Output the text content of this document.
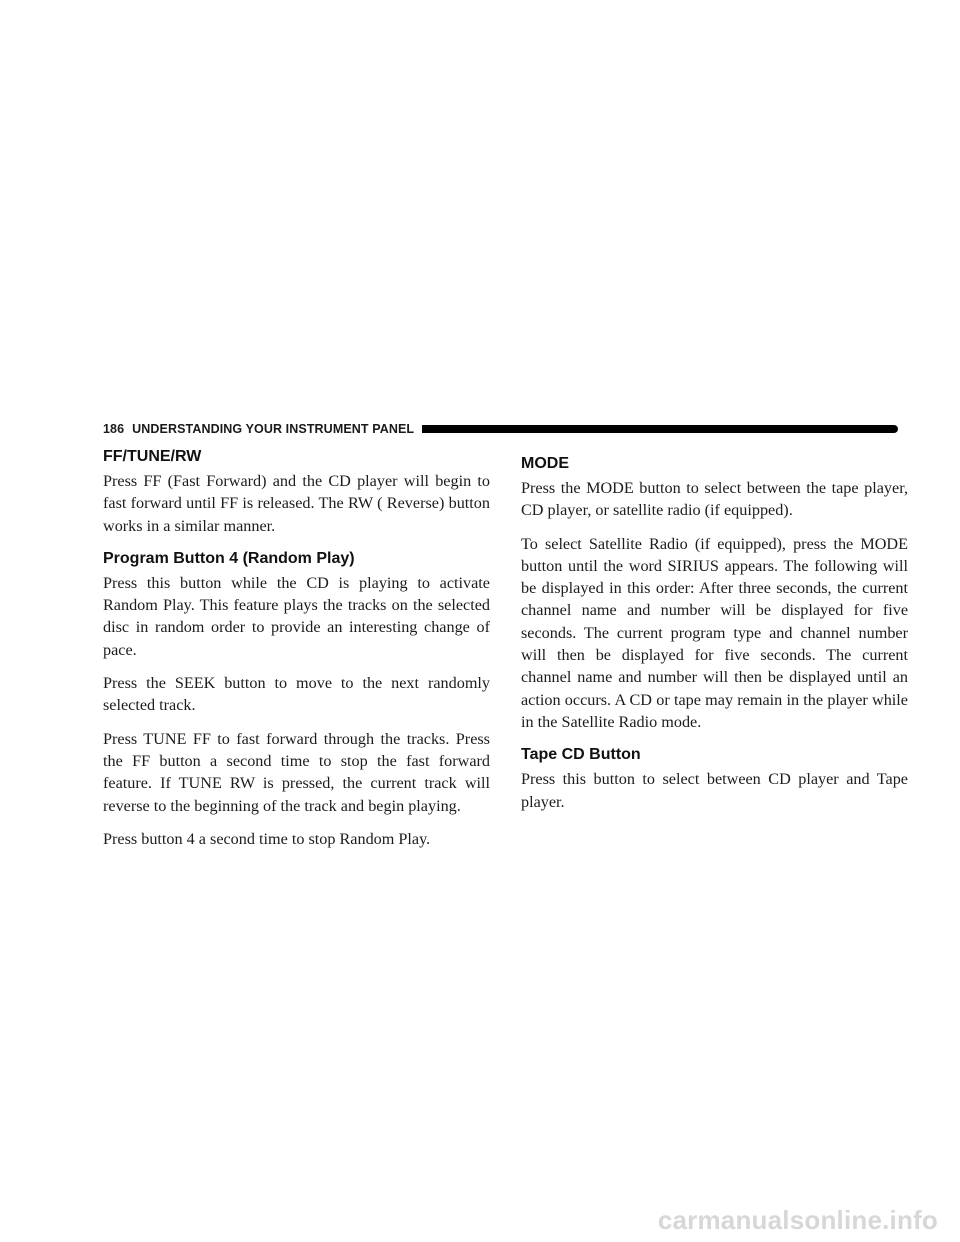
186 UNDERSTANDING YOUR INSTRUMENT PANEL
FF/TUNE/RW

Press FF (Fast Forward) and the CD player will begin to fast forward until FF is released. The RW ( Reverse) button works in a similar manner.

Program Button 4 (Random Play)

Press this button while the CD is playing to activate Random Play. This feature plays the tracks on the selected disc in random order to provide an interesting change of pace.

Press the SEEK button to move to the next randomly selected track.

Press TUNE FF to fast forward through the tracks. Press the FF button a second time to stop the fast forward feature. If TUNE RW is pressed, the current track will reverse to the beginning of the track and begin playing.

Press button 4 a second time to stop Random Play.

MODE

Press the MODE button to select between the tape player, CD player, or satellite radio (if equipped).

To select Satellite Radio (if equipped), press the MODE button until the word SIRIUS appears. The following will be displayed in this order: After three seconds, the current channel name and number will be displayed for five seconds. The current program type and channel number will then be displayed for five seconds. The current channel name and number will then be displayed until an action occurs. A CD or tape may remain in the player while in the Satellite Radio mode.

Tape CD Button

Press this button to select between CD player and Tape player.

carmanualsonline.info
